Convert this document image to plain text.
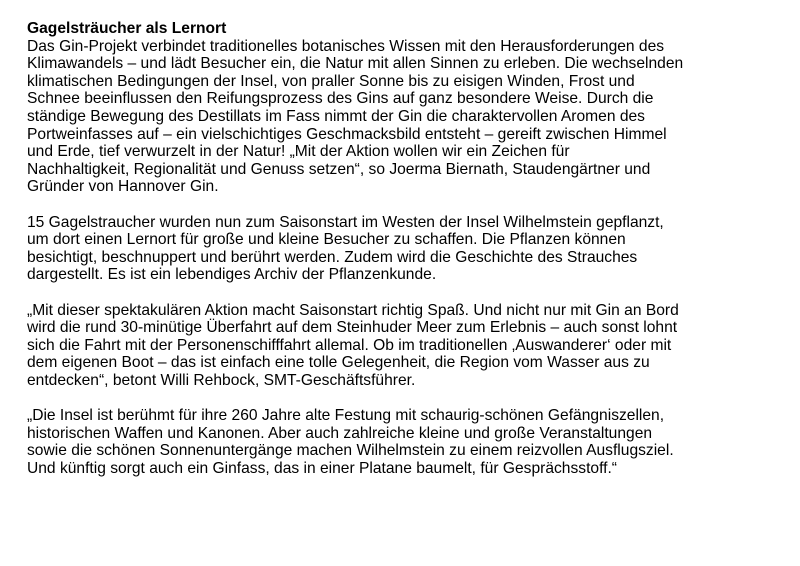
Gagelsträucher als Lernort

Das Gin-Projekt verbindet traditionelles botanisches Wissen mit den Herausforderungen des
Klimawandels – und lädt Besucher ein, die Natur mit allen Sinnen zu erleben. Die wechselnden
klimatischen Bedingungen der Insel, von praller Sonne bis zu eisigen Winden, Frost und
Schnee beeinflussen den Reifungsprozess des Gins auf ganz besondere Weise. Durch die
ständige Bewegung des Destillats im Fass nimmt der Gin die charaktervollen Aromen des
Portweinfasses auf – ein vielschichtiges Geschmacksbild entsteht – gereift zwischen Himmel
und Erde, tief verwurzelt in der Natur! „Mit der Aktion wollen wir ein Zeichen für
Nachhaltigkeit, Regionalität und Genuss setzen“, so Joerma Biernath, Staudengärtner und
Gründer von Hannover Gin.

15 Gagelstraucher wurden nun zum Saisonstart im Westen der Insel Wilhelmstein gepflanzt,
um dort einen Lernort für große und kleine Besucher zu schaffen. Die Pflanzen können
besichtigt, beschnuppert und berührt werden. Zudem wird die Geschichte des Strauches
dargestellt. Es ist ein lebendiges Archiv der Pflanzenkunde.

„Mit dieser spektakulären Aktion macht Saisonstart richtig Spaß. Und nicht nur mit Gin an Bord
wird die rund 30-minütige Überfahrt auf dem Steinhuder Meer zum Erlebnis – auch sonst lohnt
sich die Fahrt mit der Personenschifffahrt allemal. Ob im traditionellen ‚Auswanderer‘ oder mit
dem eigenen Boot – das ist einfach eine tolle Gelegenheit, die Region vom Wasser aus zu
entdecken“, betont Willi Rehbock, SMT-Geschäftsführer.

„Die Insel ist berühmt für ihre 260 Jahre alte Festung mit schaurig-schönen Gefängniszellen,
historischen Waffen und Kanonen. Aber auch zahlreiche kleine und große Veranstaltungen
sowie die schönen Sonnenuntergänge machen Wilhelmstein zu einem reizvollen Ausflugsziel.
Und künftig sorgt auch ein Ginfass, das in einer Platane baumelt, für Gesprächsstoff.“
